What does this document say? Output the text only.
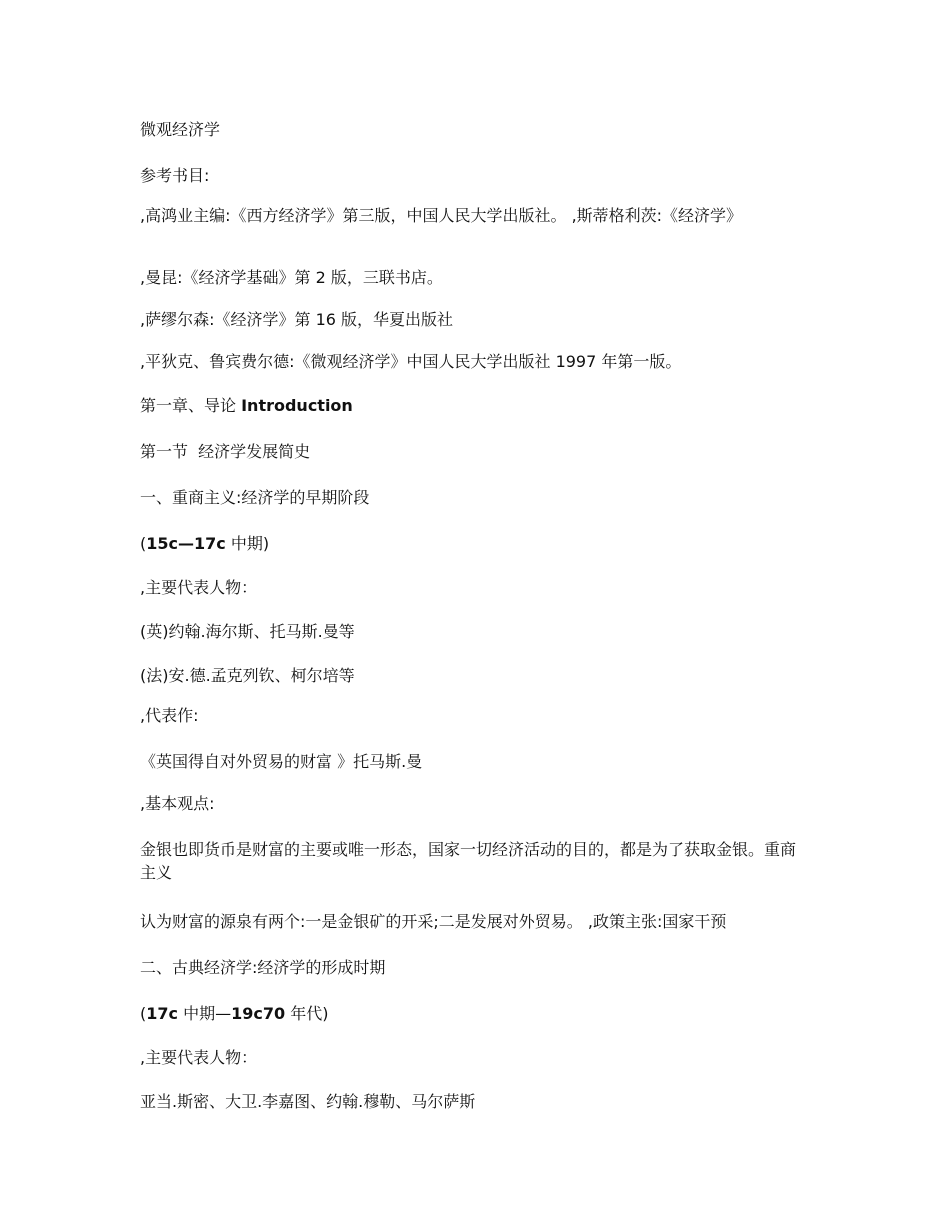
微观经济学

参考书目:

,高鸿业主编:《西方经济学》第三版，中国人民大学出版社。 ,斯蒂格利茨:《经济学》

,曼昆:《经济学基础》第 2 版，三联书店。

,萨缪尔森:《经济学》第 16 版，华夏出版社

,平狄克、鲁宾费尔德:《微观经济学》中国人民大学出版社 1997 年第一版。

第一章、导论 Introduction

第一节  经济学发展简史

一、重商主义:经济学的早期阶段

(15c—17c 中期)

,主要代表人物：

(英)约翰.海尔斯、托马斯.曼等

(法)安.德.孟克列钦、柯尔培等

,代表作:

《英国得自对外贸易的财富 》托马斯.曼

,基本观点:

金银也即货币是财富的主要或唯一形态，国家一切经济活动的目的，都是为了获取金银。重商主义

认为财富的源泉有两个:一是金银矿的开采;二是发展对外贸易。 ,政策主张:国家干预

二、古典经济学:经济学的形成时期

(17c 中期—19c70 年代)

,主要代表人物：

亚当.斯密、大卫.李嘉图、约翰.穆勒、马尔萨斯
